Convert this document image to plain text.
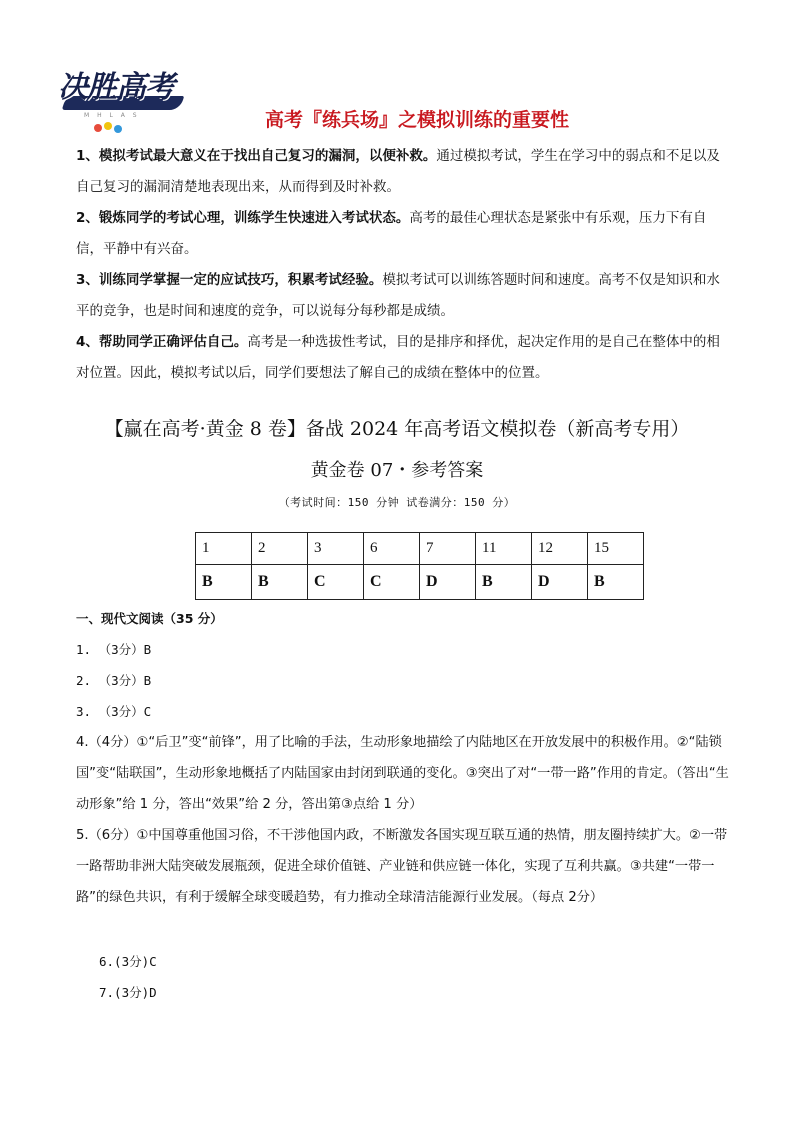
决胜高考
M H L A S	高考『练兵场』之模拟训练的重要性
1、模拟考试最大意义在于找出自己复习的漏洞，以便补救。通过模拟考试，学生在学习中的弱点和不足以及自己复习的漏洞清楚地表现出来，从而得到及时补救。
2、锻炼同学的考试心理，训练学生快速进入考试状态。高考的最佳心理状态是紧张中有乐观，压力下有自信，平静中有兴奋。
3、训练同学掌握一定的应试技巧，积累考试经验。模拟考试可以训练答题时间和速度。高考不仅是知识和水平的竞争，也是时间和速度的竞争，可以说每分每秒都是成绩。
4、帮助同学正确评估自己。高考是一种选拔性考试，目的是排序和择优，起决定作用的是自己在整体中的相对位置。因此，模拟考试以后，同学们要想法了解自己的成绩在整体中的位置。
【赢在高考·黄金 8 卷】备战 2024 年高考语文模拟卷（新高考专用）
黄金卷 07・参考答案
（考试时间：150 分钟 试卷满分：150 分）
1	2	3	6	7	11	12	15
B	B	C	C	D	B	D	B
一、现代文阅读（35 分）
1. （3分）B
2. （3分）B
3. （3分）C
4.（4分）①“后卫”变“前锋”，用了比喻的手法，生动形象地描绘了内陆地区在开放发展中的积极作用。②“陆锁国”变“陆联国”，生动形象地概括了内陆国家由封闭到联通的变化。③突出了对“一带一路”作用的肯定。（答出“生动形象”给 1 分，答出“效果”给 2 分，答出第③点给 1 分）
5.（6分）①中国尊重他国习俗，不干涉他国内政，不断激发各国实现互联互通的热情，朋友圈持续扩大。②一带一路帮助非洲大陆突破发展瓶颈，促进全球价值链、产业链和供应链一体化，实现了互利共赢。③共建“一带一路”的绿色共识，有利于缓解全球变暖趋势，有力推动全球清洁能源行业发展。（每点 2分）
6.(3分)C
7.(3分)D
